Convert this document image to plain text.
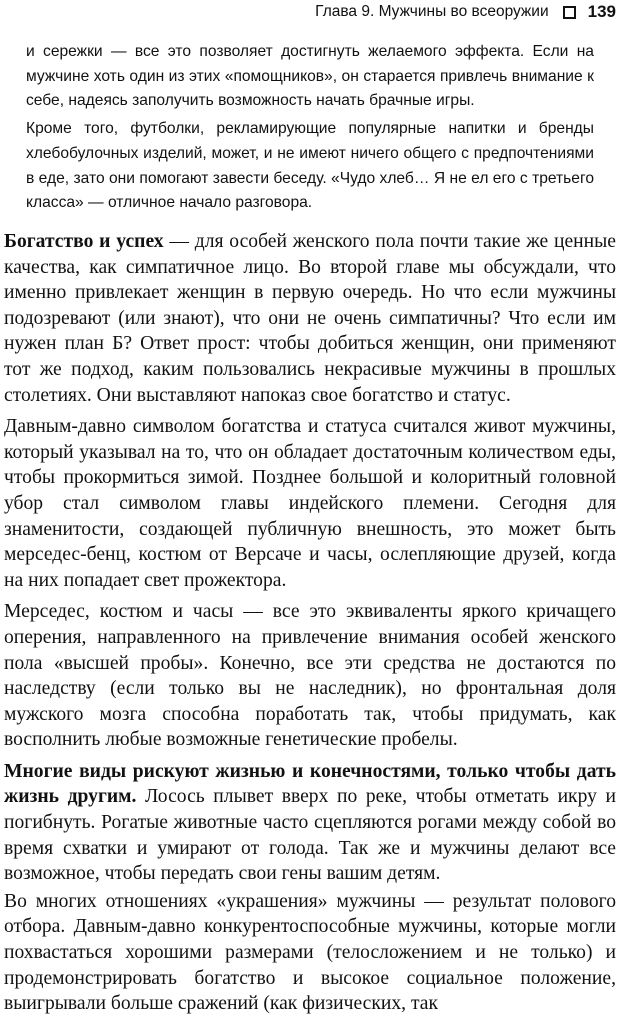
Глава 9. Мужчины во всеоружии 139

и сережки — все это позволяет достигнуть желаемого эффекта. Если на мужчине хоть один из этих «помощников», он старается привлечь внимание к себе, надеясь заполучить возможность начать брачные игры.

Кроме того, футболки, рекламирующие популярные напитки и бренды хлебобулочных изделий, может, и не имеют ничего общего с предпочтениями в еде, зато они помогают завести беседу. «Чудо хлеб… Я не ел его с третьего класса» — отличное начало разговора.

Богатство и успех — для особей женского пола почти такие же ценные качества, как симпатичное лицо. Во второй главе мы обсуждали, что именно привлекает женщин в первую очередь. Но что если мужчины подозревают (или знают), что они не очень симпатичны? Что если им нужен план Б? Ответ прост: чтобы добиться женщин, они применяют тот же подход, каким пользовались некрасивые мужчины в прошлых столетиях. Они выставляют напоказ свое богатство и статус.

Давным-давно символом богатства и статуса считался живот мужчины, который указывал на то, что он обладает достаточным количеством еды, чтобы прокормиться зимой. Позднее большой и колоритный головной убор стал символом главы индейского племени. Сегодня для знаменитости, создающей публичную внешность, это может быть мерседес-бенц, костюм от Версаче и часы, ослепляющие друзей, когда на них попадает свет прожектора.

Мерседес, костюм и часы — все это эквиваленты яркого кричащего оперения, направленного на привлечение внимания особей женского пола «высшей пробы». Конечно, все эти средства не достаются по наследству (если только вы не наследник), но фронтальная доля мужского мозга способна поработать так, чтобы придумать, как восполнить любые возможные генетические пробелы.

Многие виды рискуют жизнью и конечностями, только чтобы дать жизнь другим. Лосось плывет вверх по реке, чтобы отметать икру и погибнуть. Рогатые животные часто сцепляются рогами между собой во время схватки и умирают от голода. Так же и мужчины делают все возможное, чтобы передать свои гены вашим детям.

Во многих отношениях «украшения» мужчины — результат полового отбора. Давным-давно конкурентоспособные мужчины, которые могли похвастаться хорошими размерами (телосложением и не только) и продемонстрировать богатство и высокое социальное положение, выигрывали больше сражений (как физических, так
